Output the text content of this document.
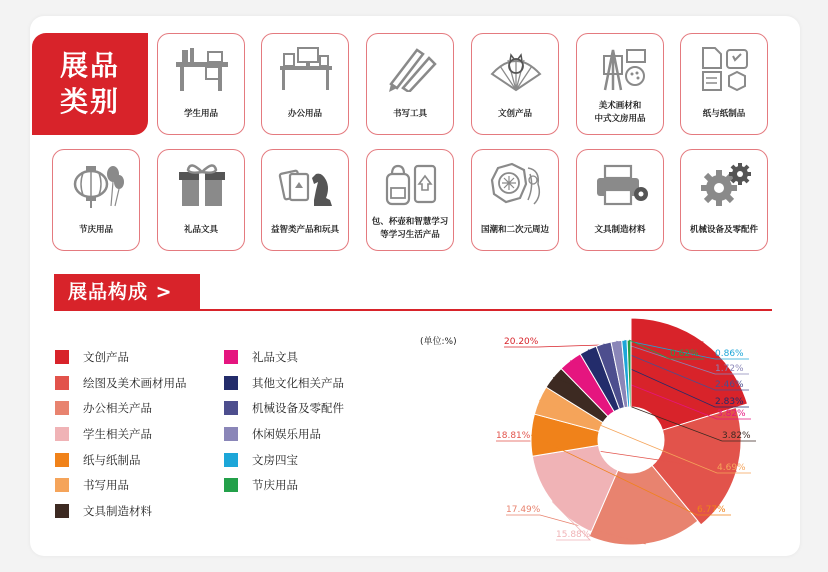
展品
类别	学生用品	办公用品	书写工具	文创产品
美术画材和
中式文房用品	纸与纸制品
节庆用品	礼品文具	益智类产品和玩具
包、杯壶和智慧学习
等学习生活产品	国潮和二次元周边	文具制造材料	机械设备及零配件
展品构成 >
文创产品
绘图及美术画材用品
办公相关产品
学生相关产品
纸与纸制品
书写用品
文具制造材料
礼品文具
其他文化相关产品
机械设备及零配件
休闲娱乐用品
文房四宝
节庆用品
(单位:%)	20.20%
18.81%
17.49%
15.88%
6.77%
4.69%
3.82%
3.82%
2.83%
2.46%
1.72%
0.86%
0.62%
